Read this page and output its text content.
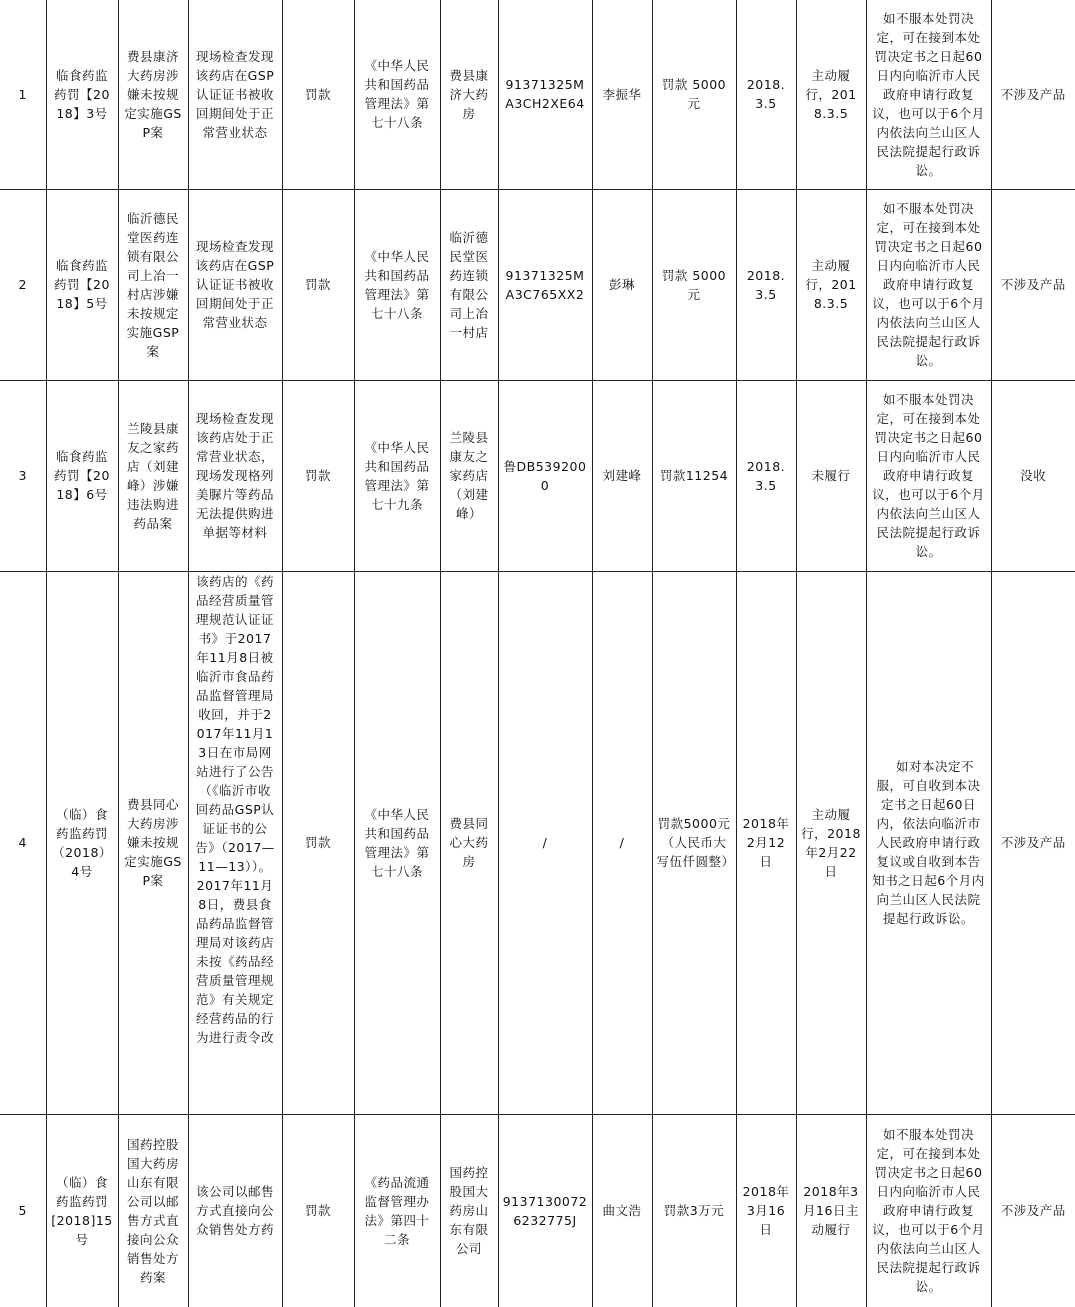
1	临食药监药罚【2018】3号	费县康济大药房涉嫌未按规定实施GSP案	现场检查发现该药店在GSP认证证书被收回期间处于正常营业状态	罚款	《中华人民共和国药品管理法》第七十八条	费县康济大药房	91371325MA3CH2XE64	李振华	罚款 5000元	2018.3.5	主动履行，2018.3.5	如不服本处罚决定，可在接到本处罚决定书之日起60日内向临沂市人民政府申请行政复议，也可以于6个月内依法向兰山区人民法院提起行政诉讼。	不涉及产品
2	临食药监药罚【2018】5号	临沂德民堂医药连锁有限公司上冶一村店涉嫌未按规定实施GSP案	现场检查发现该药店在GSP认证证书被收回期间处于正常营业状态	罚款	《中华人民共和国药品管理法》第七十八条	临沂德民堂医药连锁有限公司上冶一村店	91371325MA3C765XX2	彭琳	罚款 5000元	2018.3.5	主动履行，2018.3.5	如不服本处罚决定，可在接到本处罚决定书之日起60日内向临沂市人民政府申请行政复议，也可以于6个月内依法向兰山区人民法院提起行政诉讼。	不涉及产品
3	临食药监药罚【2018】6号	兰陵县康友之家药店（刘建峰）涉嫌违法购进药品案	现场检查发现该药店处于正常营业状态，现场发现格列美脲片等药品无法提供购进单据等材料	罚款	《中华人民共和国药品管理法》第七十九条	兰陵县康友之家药店（刘建峰）	鲁DB5392000	刘建峰	罚款11254	2018.3.5	未履行	如不服本处罚决定，可在接到本处罚决定书之日起60日内向临沂市人民政府申请行政复议，也可以于6个月内依法向兰山区人民法院提起行政诉讼。	没收
4	（临）食药监药罚（2018）4号	费县同心大药房涉嫌未按规定实施GSP案	该药店的《药品经营质量管理规范认证证书》于2017年11月8日被临沂市食品药品监督管理局收回，并于2017年11月13日在市局网站进行了公告（《临沂市收回药品GSP认证证书的公告》（2017—11—13））。2017年11月8日，费县食品药品监督管理局对该药店未按《药品经营质量管理规范》有关规定经营药品的行为进行责令改	罚款	《中华人民共和国药品管理法》第七十八条	费县同心大药房	/	/	罚款5000元（人民币大写伍仟圆整）	2018年2月12日	主动履行，2018年2月22日	　如对本决定不服，可自收到本决定书之日起60日内，依法向临沂市人民政府申请行政复议或自收到本告知书之日起6个月内向兰山区人民法院提起行政诉讼。	不涉及产品
5	（临）食药监药罚[2018]15号	国药控股国大药房山东有限公司以邮售方式直接向公众销售处方药案	该公司以邮售方式直接向公众销售处方药	罚款	《药品流通监督管理办法》第四十二条	国药控股国大药房山东有限公司	91371300726232775J	曲文浩	罚款3万元	2018年3月16日	2018年3月16日主动履行	如不服本处罚决定，可在接到本处罚决定书之日起60日内向临沂市人民政府申请行政复议，也可以于6个月内依法向兰山区人民法院提起行政诉讼。	不涉及产品
